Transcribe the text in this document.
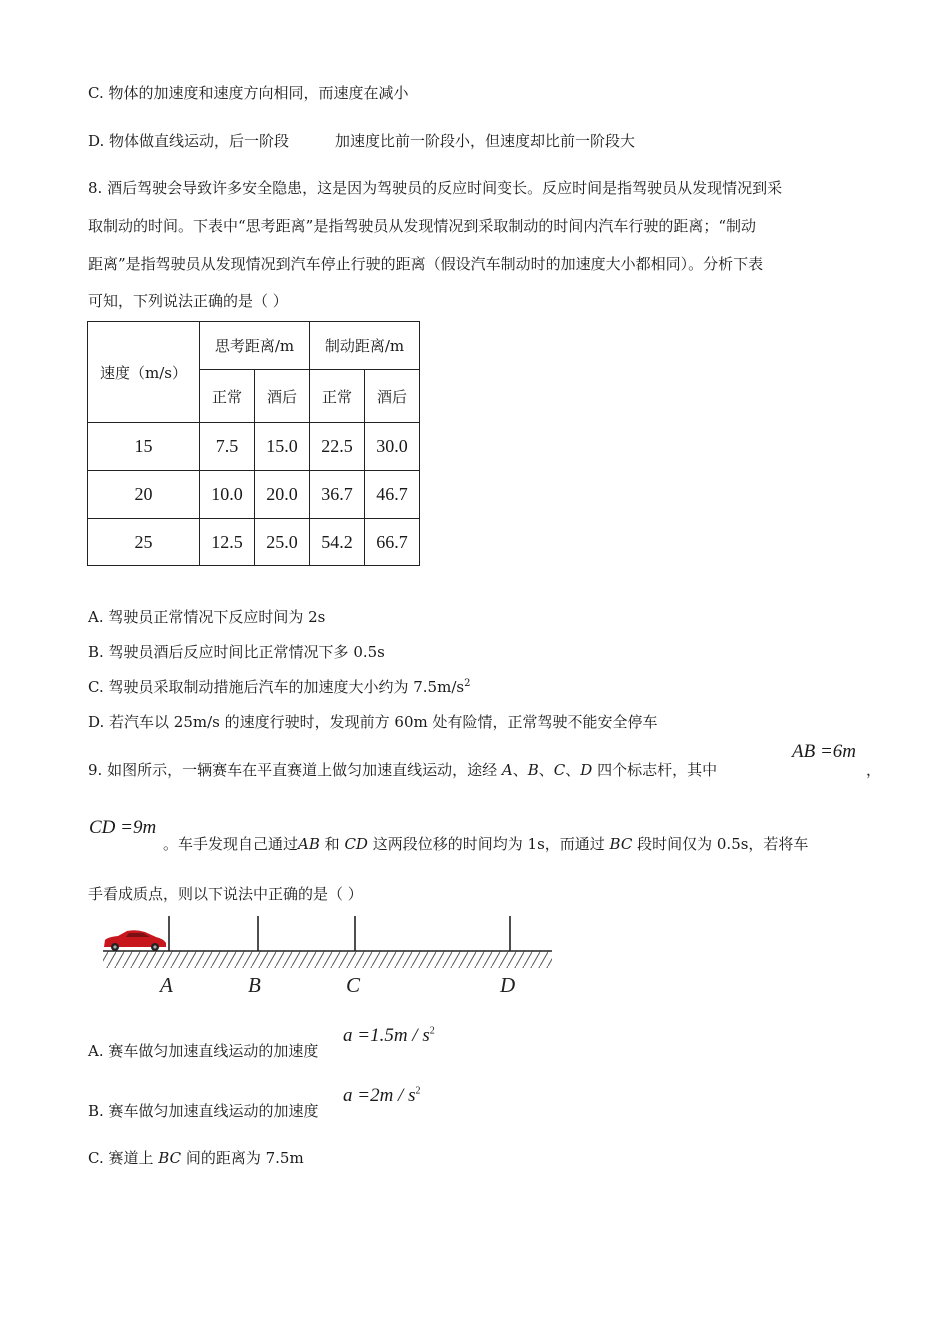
C. 物体的加速度和速度方向相同，而速度在减小
D. 物体做直线运动，后一阶段	加速度比前一阶段小，但速度却比前一阶段大
8. 酒后驾驶会导致许多安全隐患，这是因为驾驶员的反应时间变长。反应时间是指驾驶员从发现情况到采
取制动的时间。下表中“思考距离”是指驾驶员从发现情况到采取制动的时间内汽车行驶的距离；“制动
距离”是指驾驶员从发现情况到汽车停止行驶的距离（假设汽车制动时的加速度大小都相同）。分析下表
可知，下列说法正确的是（ ）
速度（m/s）	思考距离/m		制动距离/m	
	正常	酒后	正常	酒后
15	7.5	15.0	22.5	30.0
20	10.0	20.0	36.7	46.7
25	12.5	25.0	54.2	66.7
A. 驾驶员正常情况下反应时间为 2s
B. 驾驶员酒后反应时间比正常情况下多 0.5s
C. 驾驶员采取制动措施后汽车的加速度大小约为 $7.5m/s^2$
D. 若汽车以 25m/s 的速度行驶时，发现前方 60m 处有险情，正常驾驶不能安全停车
9. 如图所示，一辆赛车在平直赛道上做匀加速直线运动，途经 A、B、C、D 四个标志杆，其中
AB =6m
，
CD =9m
。车手发现自己通过AB 和 CD 这两段位移的时间均为 1s，而通过 BC 段时间仅为 0.5s，若将车
手看成质点，则以下说法中正确的是（ ）
A	B	C	D
A. 赛车做匀加速直线运动的加速度
$a =1.5m / s^2$
B. 赛车做匀加速直线运动的加速度
$a =2m / s^2$
C. 赛道上 BC 间的距离为 7.5m
